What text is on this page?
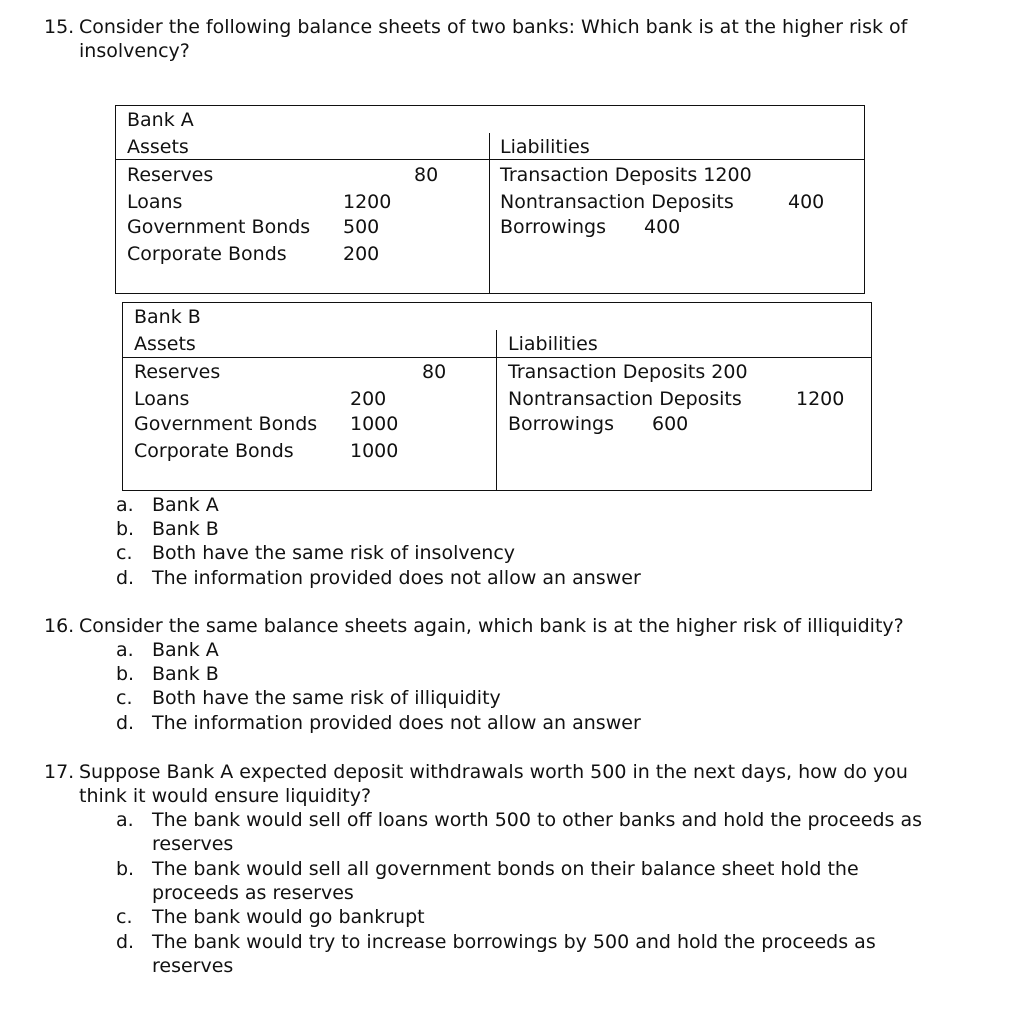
15. Consider the following balance sheets of two banks: Which bank is at the higher risk of
insolvency?
Bank A
Assets	Liabilities
Reserves	80
Loans	1200
Government Bonds 500
Corporate Bonds	200
Transaction Deposits 1200
Nontransaction Deposits	400
Borrowings 400
Bank B
Assets	Liabilities
Reserves	80
Loans	200
Government Bonds 1000
Corporate Bonds	1000
Transaction Deposits 200
Nontransaction Deposits	1200
Borrowings 600
a. Bank A
b. Bank B
c. Both have the same risk of insolvency
d. The information provided does not allow an answer
16. Consider the same balance sheets again, which bank is at the higher risk of illiquidity?
a. Bank A
b. Bank B
c. Both have the same risk of illiquidity
d. The information provided does not allow an answer
17. Suppose Bank A expected deposit withdrawals worth 500 in the next days, how do you
think it would ensure liquidity?
a. The bank would sell off loans worth 500 to other banks and hold the proceeds as
reserves
b. The bank would sell all government bonds on their balance sheet hold the
proceeds as reserves
c. The bank would go bankrupt
d. The bank would try to increase borrowings by 500 and hold the proceeds as
reserves
